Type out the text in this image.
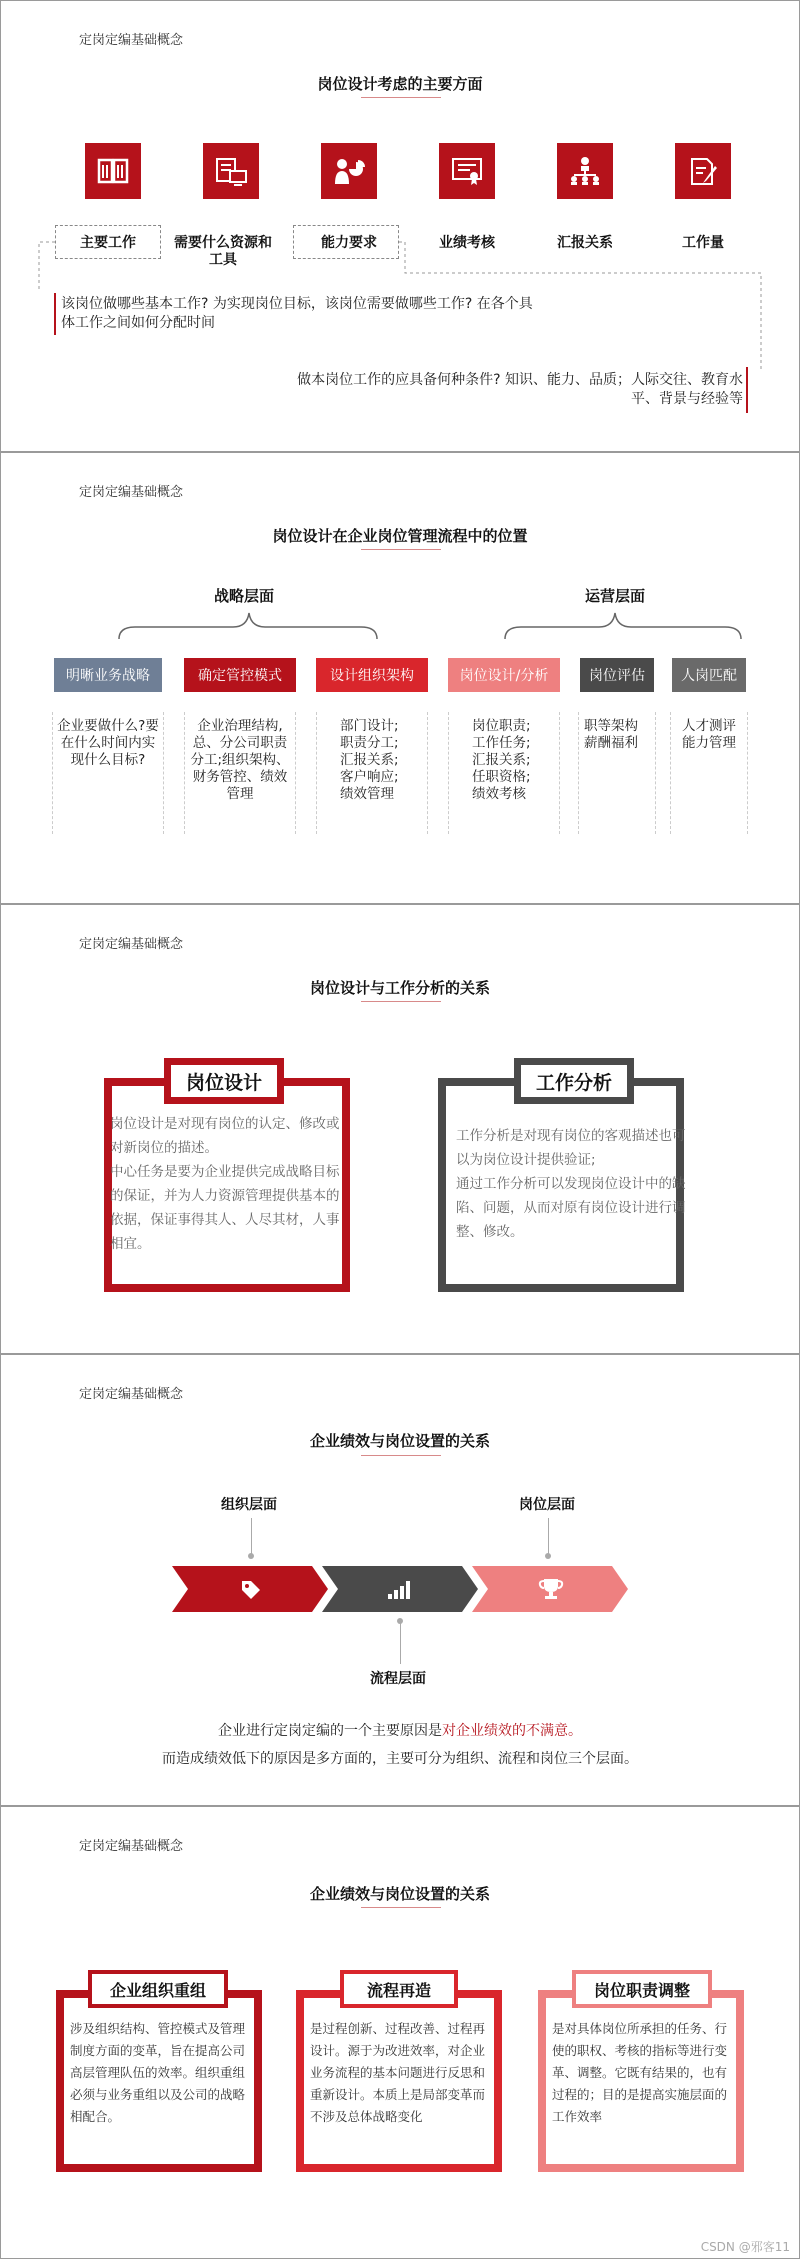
定岗定编基础概念
岗位设计考虑的主要方面
主要工作	需要什么资源和工具
能力要求	业绩考核	汇报关系	工作量
该岗位做哪些基本工作? 为实现岗位目标，该岗位需要做哪些工作? 在各个具体工作之间如何分配时间
做本岗位工作的应具备何种条件? 知识、能力、品质；人际交往、教育水平、背景与经验等
定岗定编基础概念
岗位设计在企业岗位管理流程中的位置
战略层面	运营层面
明晰业务战略	确定管控模式	设计组织架构	岗位设计/分析	岗位评估	人岗匹配
企业要做什么?要在什么时间内实现什么目标?
企业治理结构,总、分公司职责分工;组织架构、财务管控、绩效管理
部门设计;职责分工;汇报关系;客户响应;绩效管理
岗位职责;工作任务;汇报关系;任职资格;绩效考核
职等架构薪酬福利
人才测评能力管理
定岗定编基础概念
岗位设计与工作分析的关系
岗位设计
岗位设计是对现有岗位的认定、修改或对新岗位的描述。
中心任务是要为企业提供完成战略目标的保证，并为人力资源管理提供基本的依据，保证事得其人、人尽其材，人事相宜。
工作分析
工作分析是对现有岗位的客观描述也可以为岗位设计提供验证;
通过工作分析可以发现岗位设计中的缺陷、问题，从而对原有岗位设计进行调整、修改。
定岗定编基础概念
企业绩效与岗位设置的关系
组织层面	岗位层面
流程层面
企业进行定岗定编的一个主要原因是对企业绩效的不满意。
而造成绩效低下的原因是多方面的，主要可分为组织、流程和岗位三个层面。
定岗定编基础概念
企业绩效与岗位设置的关系
企业组织重组
涉及组织结构、管控模式及管理制度方面的变革，旨在提高公司高层管理队伍的效率。组织重组必须与业务重组以及公司的战略相配合。
流程再造
是过程创新、过程改善、过程再设计。源于为改进效率，对企业业务流程的基本问题进行反思和重新设计。本质上是局部变革而不涉及总体战略变化
岗位职责调整
是对具体岗位所承担的任务、行使的职权、考核的指标等进行变革、调整。它既有结果的，也有过程的；目的是提高实施层面的工作效率
CSDN @邪客11
